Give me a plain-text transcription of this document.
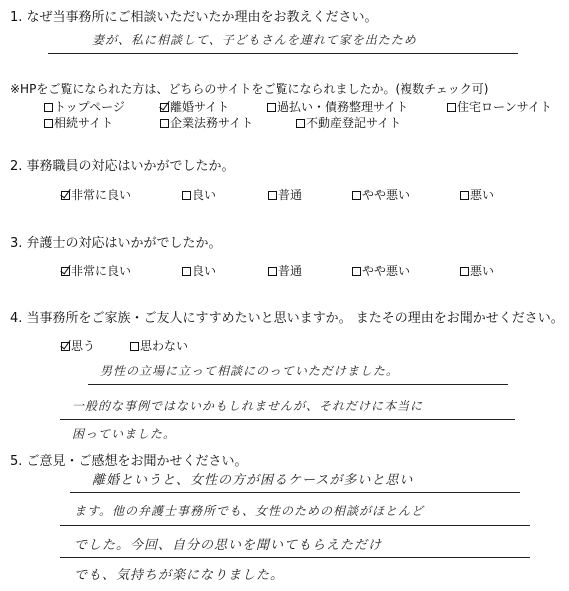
1. なぜ当事務所にご相談いただいたか理由をお教えください。
妻が、私に相談して、子どもさんを連れて家を出たため
※HPをご覧になられた方は、どちらのサイトをご覧になられましたか。(複数チェック可)
トップページ	離婚サイト	過払い・債務整理サイト	住宅ローンサイト
相続サイト	企業法務サイト	不動産登記サイト
2. 事務職員の対応はいかがでしたか。
非常に良い	良い	普通	やや悪い	悪い
3. 弁護士の対応はいかがでしたか。
非常に良い	良い	普通	やや悪い	悪い
4. 当事務所をご家族・ご友人にすすめたいと思いますか。 またその理由をお聞かせください。
思う	思わない
男性の立場に立って相談にのっていただけました。
一般的な事例ではないかもしれませんが、それだけに本当に
困っていました。
5. ご意見・ご感想をお聞かせください。
離婚というと、女性の方が困るケースが多いと思い
ます。他の弁護士事務所でも、女性のための相談がほとんど
でした。今回、自分の思いを聞いてもらえただけ
でも、気持ちが楽になりました。
